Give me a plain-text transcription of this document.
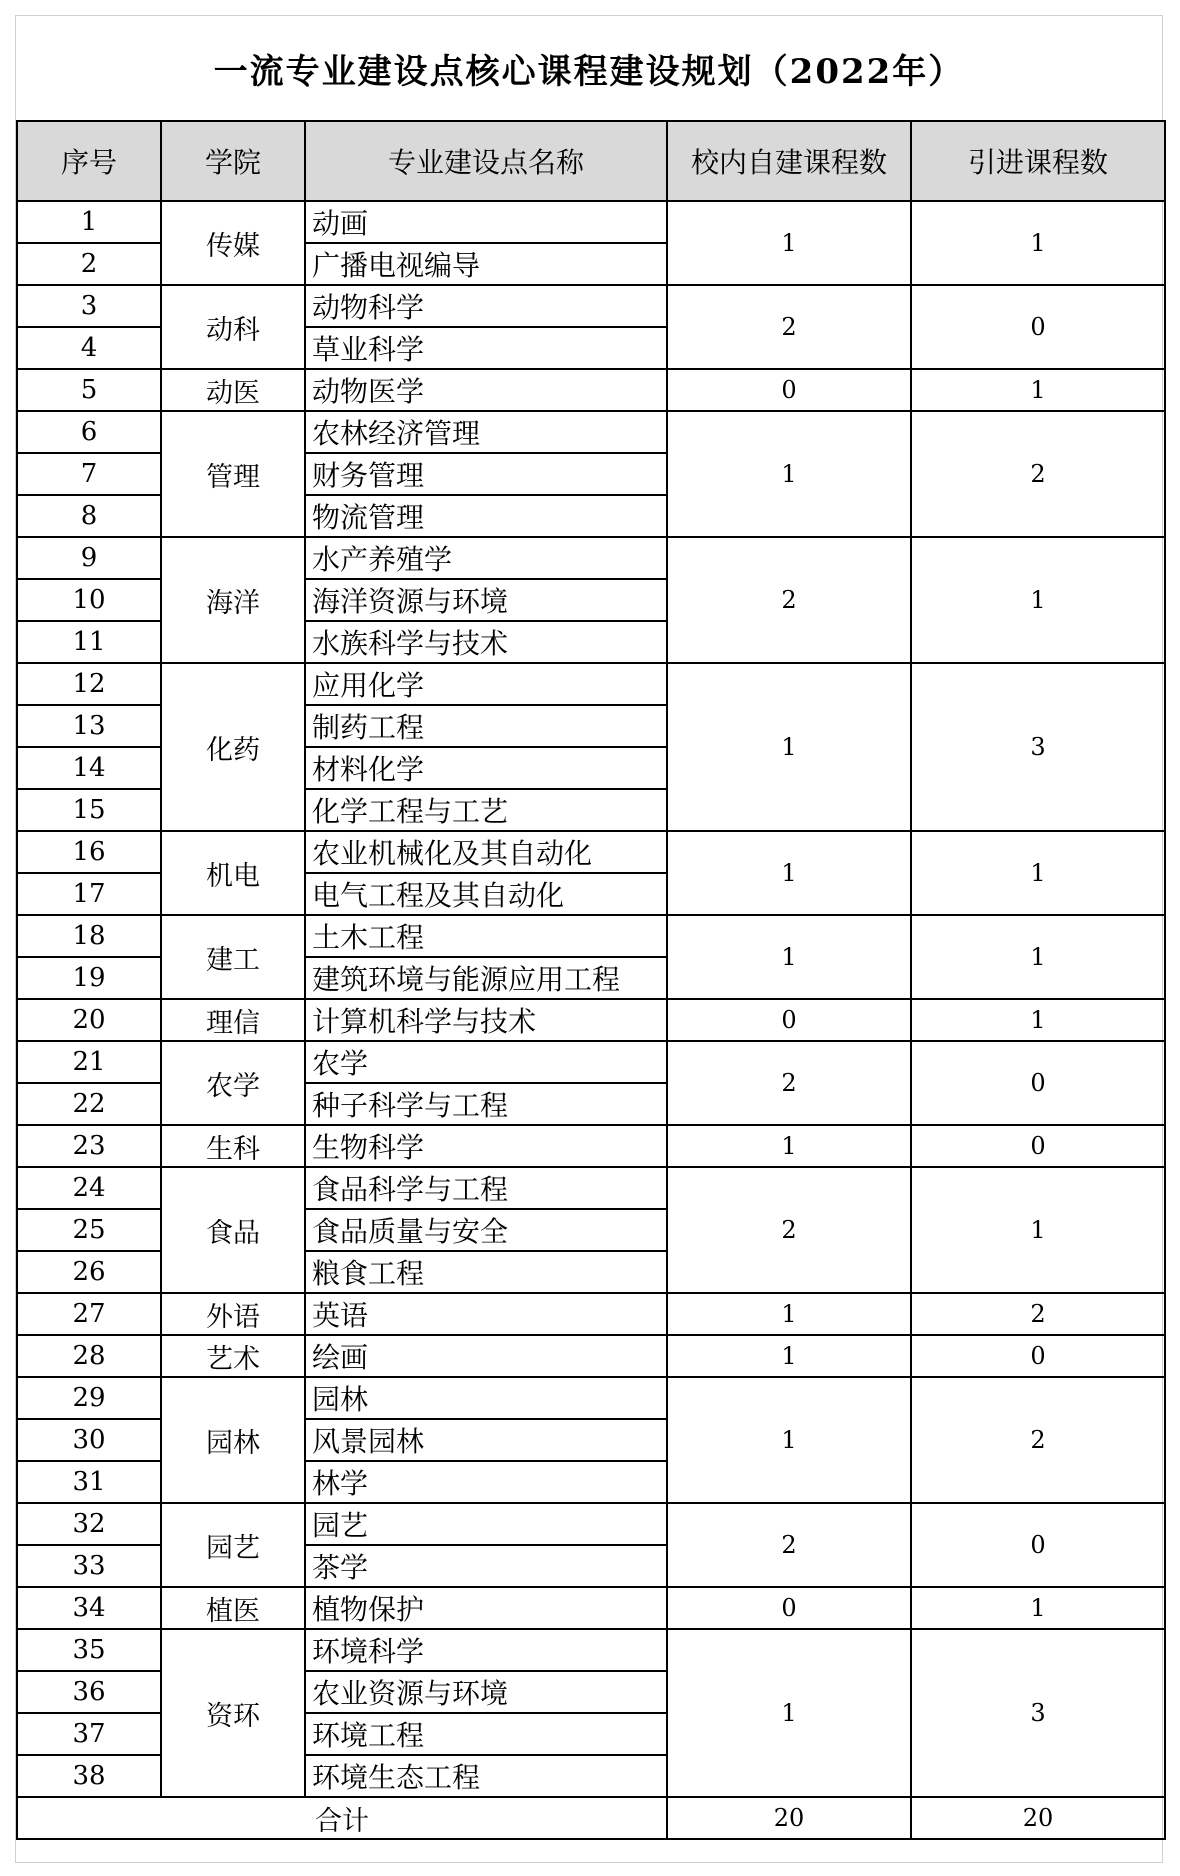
一流专业建设点核心课程建设规划（2022年）
序号	学院	专业建设点名称	校内自建课程数	引进课程数
1	传媒	动画	1	1
2		广播电视编导		
3	动科	动物科学	2	0
4		草业科学		
5	动医	动物医学	0	1
6	管理	农林经济管理	1	2
7		财务管理		
8		物流管理		
9	海洋	水产养殖学	2	1
10		海洋资源与环境		
11		水族科学与技术		
12	化药	应用化学	1	3
13		制药工程		
14		材料化学		
15		化学工程与工艺		
16	机电	农业机械化及其自动化	1	1
17		电气工程及其自动化		
18	建工	土木工程	1	1
19		建筑环境与能源应用工程		
20	理信	计算机科学与技术	0	1
21	农学	农学	2	0
22		种子科学与工程		
23	生科	生物科学	1	0
24	食品	食品科学与工程	2	1
25		食品质量与安全		
26		粮食工程		
27	外语	英语	1	2
28	艺术	绘画	1	0
29	园林	园林	1	2
30		风景园林		
31		林学		
32	园艺	园艺	2	0
33		茶学		
34	植医	植物保护	0	1
35	资环	环境科学	1	3
36		农业资源与环境		
37		环境工程		
38		环境生态工程		
合计			20	20
